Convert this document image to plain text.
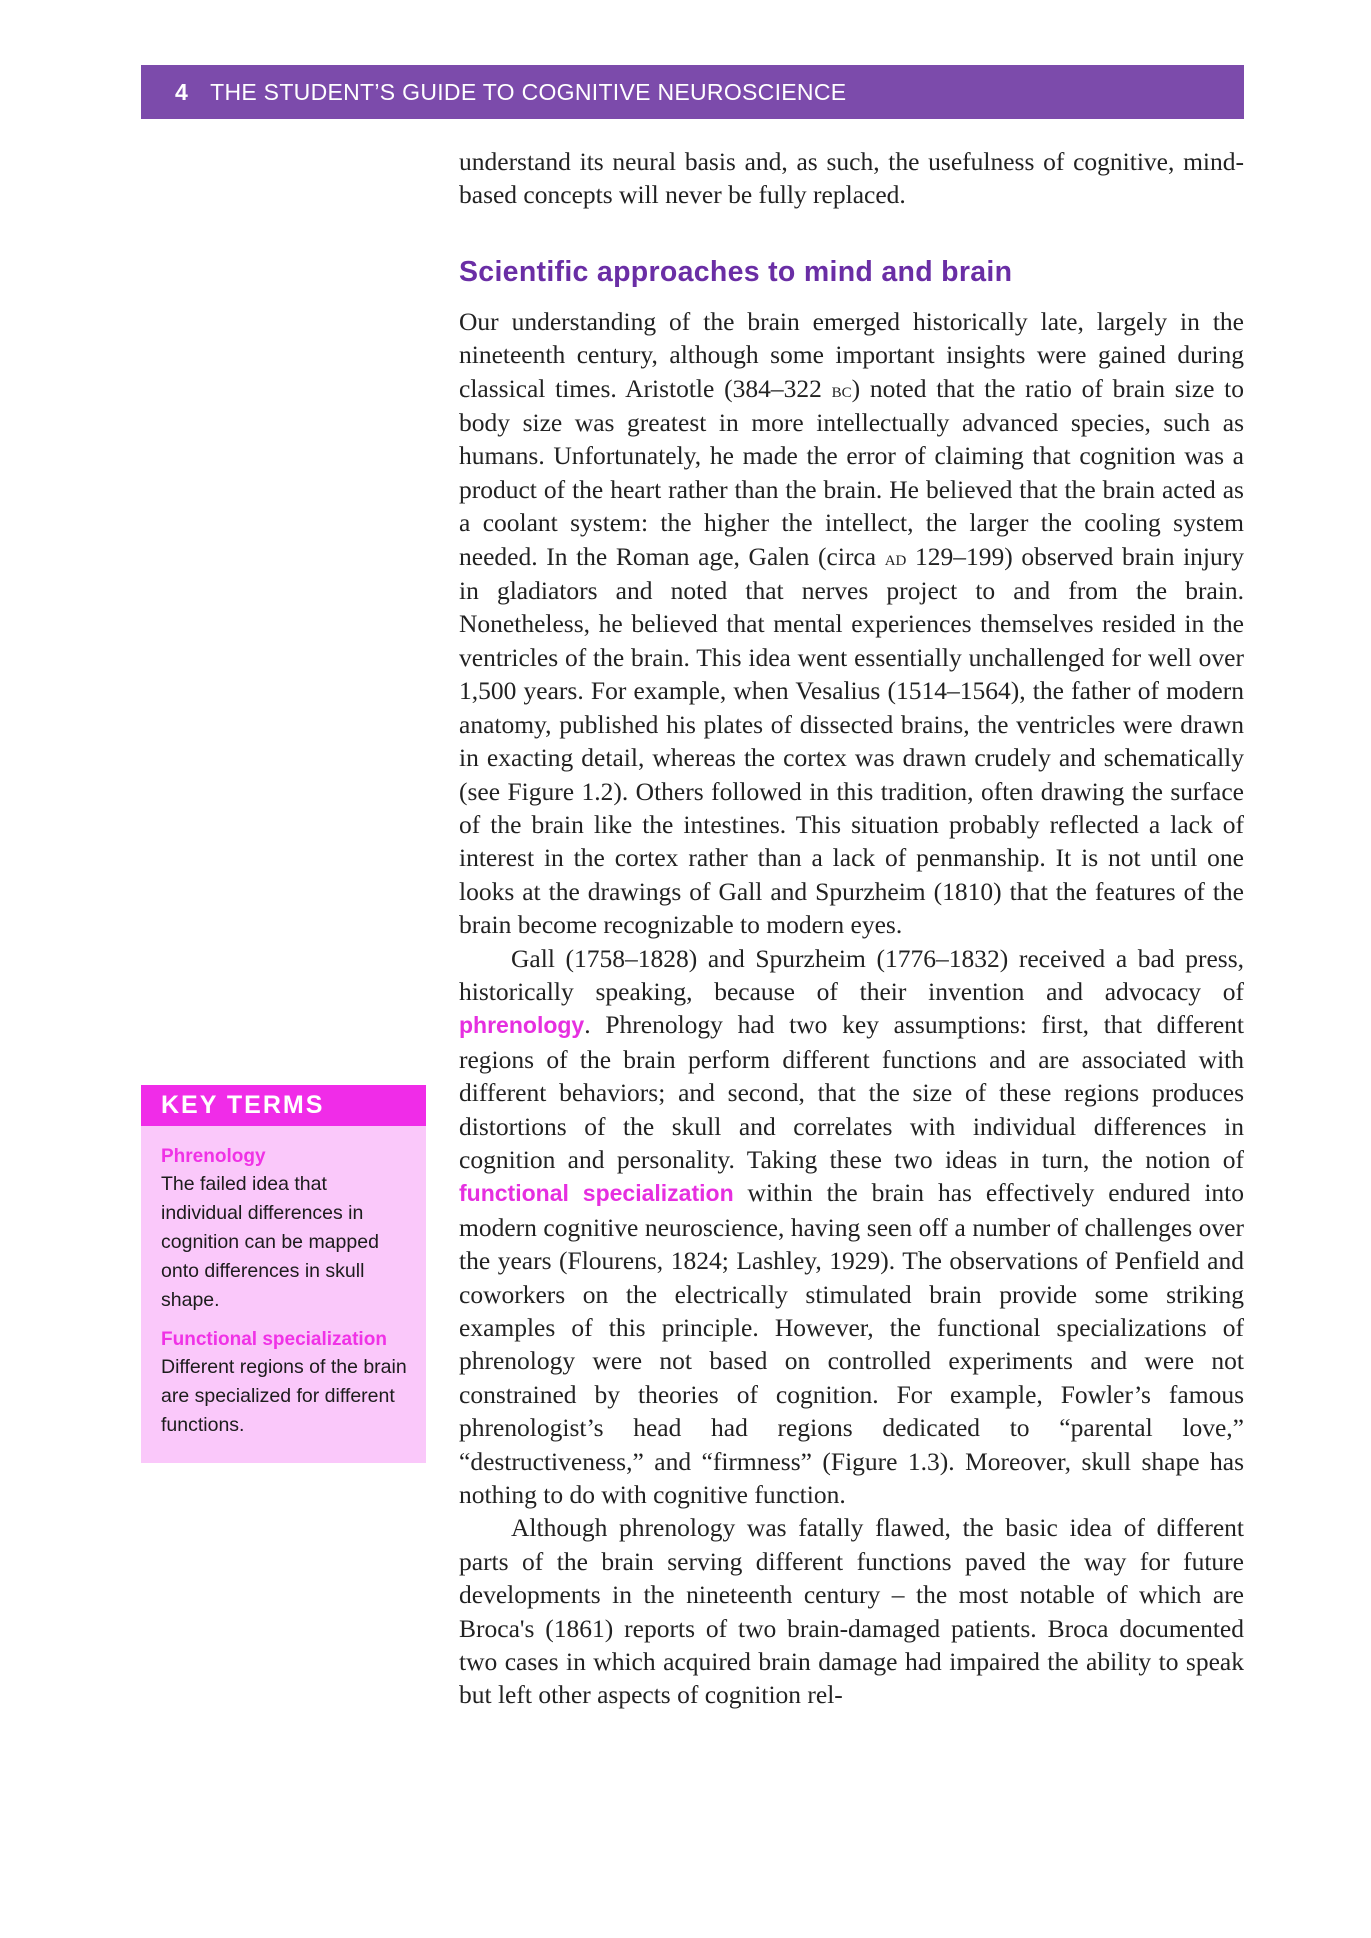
4 THE STUDENT’S GUIDE TO COGNITIVE NEUROSCIENCE
KEY TERMS
Phrenology
The failed idea that individual differences in cognition can be mapped onto differences in skull shape.
Functional specialization
Different regions of the brain are specialized for different functions.

understand its neural basis and, as such, the usefulness of cognitive, mind-based concepts will never be fully replaced.

Scientific approaches to mind and brain

Our understanding of the brain emerged historically late, largely in the nineteenth century, although some important insights were gained during classical times. Aristotle (384–322 bc) noted that the ratio of brain size to body size was greatest in more intellectually advanced species, such as humans. Unfortunately, he made the error of claiming that cognition was a product of the heart rather than the brain. He believed that the brain acted as a coolant system: the higher the intellect, the larger the cooling system needed. In the Roman age, Galen (circa ad 129–199) observed brain injury in gladiators and noted that nerves project to and from the brain. Nonetheless, he believed that mental experiences themselves resided in the ventricles of the brain. This idea went essentially unchallenged for well over 1,500 years. For example, when Vesalius (1514–1564), the father of modern anatomy, published his plates of dissected brains, the ventricles were drawn in exacting detail, whereas the cortex was drawn crudely and schematically (see Figure 1.2). Others followed in this tradition, often drawing the surface of the brain like the intestines. This situation probably reflected a lack of interest in the cortex rather than a lack of penmanship. It is not until one looks at the drawings of Gall and Spurzheim (1810) that the features of the brain become recognizable to modern eyes.

Gall (1758–1828) and Spurzheim (1776–1832) received a bad press, historically speaking, because of their invention and advocacy of phrenology. Phrenology had two key assumptions: first, that different regions of the brain perform different functions and are associated with different behaviors; and second, that the size of these regions produces distortions of the skull and correlates with individual differences in cognition and personality. Taking these two ideas in turn, the notion of functional specialization within the brain has effectively endured into modern cognitive neuroscience, having seen off a number of challenges over the years (Flourens, 1824; Lashley, 1929). The observations of Penfield and coworkers on the electrically stimulated brain provide some striking examples of this principle. However, the functional specializations of phrenology were not based on controlled experiments and were not constrained by theories of cognition. For example, Fowler’s famous phrenologist’s head had regions dedicated to “parental love,” “destructiveness,” and “firmness” (Figure 1.3). Moreover, skull shape has nothing to do with cognitive function.

Although phrenology was fatally flawed, the basic idea of different parts of the brain serving different functions paved the way for future developments in the nineteenth century – the most notable of which are Broca's (1861) reports of two brain-damaged patients. Broca documented two cases in which acquired brain damage had impaired the ability to speak but left other aspects of cognition rel-
